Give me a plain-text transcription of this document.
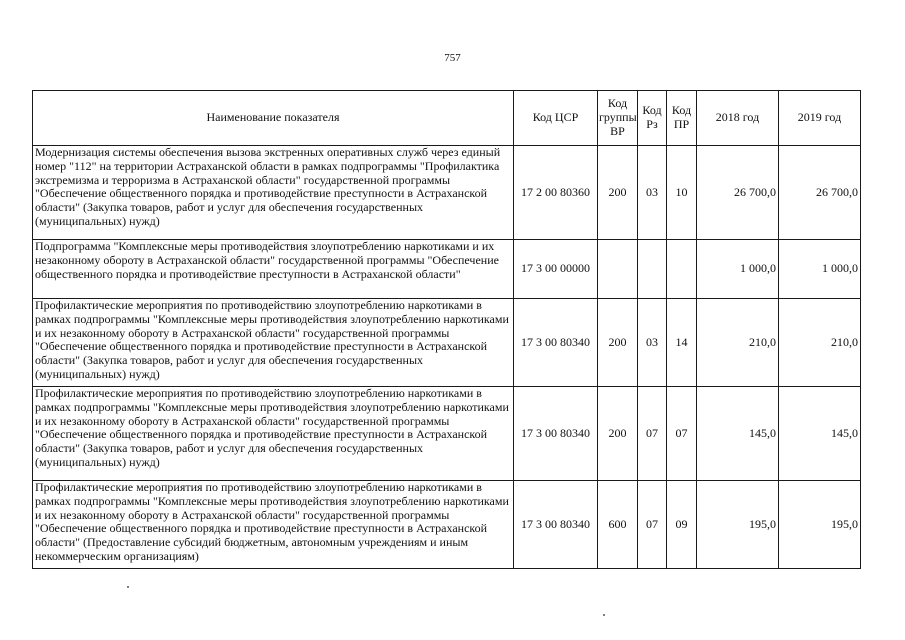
757
Наименование показателя	Код ЦСР	Код группы ВР	Код Рз	Код ПР	2018 год	2019 год
Модернизация системы обеспечения вызова экстренных оперативных служб через единый номер "112" на территории Астраханской области в рамках подпрограммы "Профилактика экстремизма и терроризма в Астраханской области" государственной программы "Обеспечение общественного порядка и противодействие преступности в Астраханской области" (Закупка товаров, работ и услуг для обеспечения государственных (муниципальных) нужд)	17 2 00 80360	200	03	10	26 700,0	26 700,0
Подпрограмма "Комплексные меры противодействия злоупотреблению наркотиками и их незаконному обороту в Астраханской области" государственной программы "Обеспечение общественного порядка и противодействие преступности в Астраханской области"	17 3 00 00000				1 000,0	1 000,0
Профилактические мероприятия по противодействию злоупотреблению наркотиками в рамках подпрограммы "Комплексные меры противодействия злоупотреблению наркотиками и их незаконному обороту в Астраханской области" государственной программы "Обеспечение общественного порядка и противодействие преступности в Астраханской области" (Закупка товаров, работ и услуг для обеспечения государственных (муниципальных) нужд)	17 3 00 80340	200	03	14	210,0	210,0
Профилактические мероприятия по противодействию злоупотреблению наркотиками в рамках подпрограммы "Комплексные меры противодействия злоупотреблению наркотиками и их незаконному обороту в Астраханской области" государственной программы "Обеспечение общественного порядка и противодействие преступности в Астраханской области" (Закупка товаров, работ и услуг для обеспечения государственных (муниципальных) нужд)	17 3 00 80340	200	07	07	145,0	145,0
Профилактические мероприятия по противодействию злоупотреблению наркотиками в рамках подпрограммы "Комплексные меры противодействия злоупотреблению наркотиками и их незаконному обороту в Астраханской области" государственной программы "Обеспечение общественного порядка и противодействие преступности в Астраханской области" (Предоставление субсидий бюджетным, автономным учреждениям и иным некоммерческим организациям)	17 3 00 80340	600	07	09	195,0	195,0
